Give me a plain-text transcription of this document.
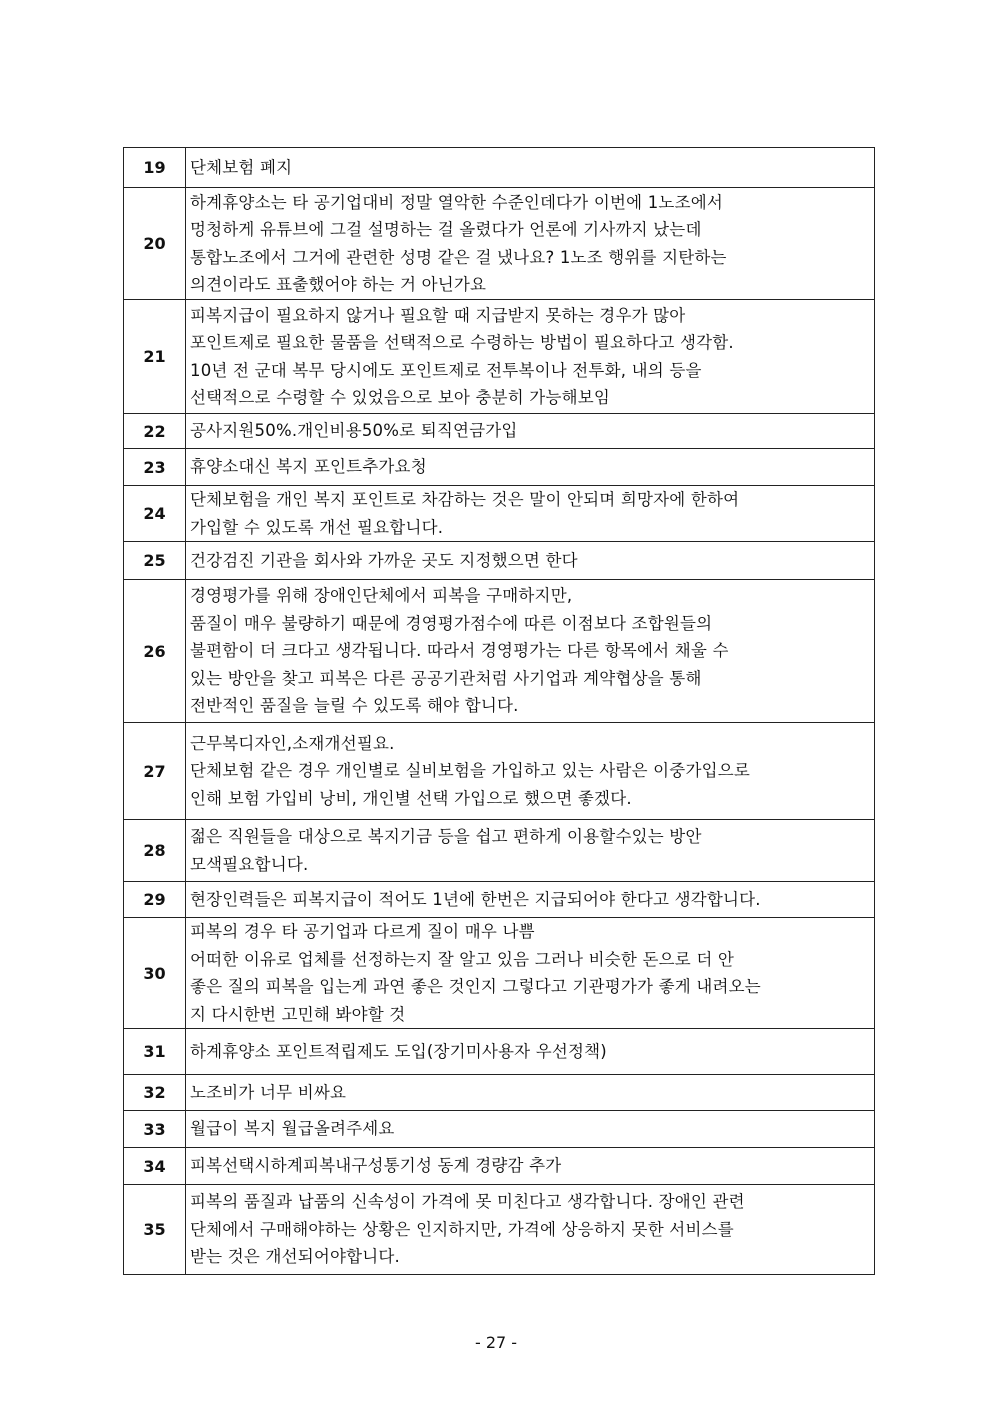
19	단체보험 폐지

20	하계휴양소는 타 공기업대비 정말 열악한 수준인데다가 이번에 1노조에서
멍청하게 유튜브에 그걸 설명하는 걸 올렸다가 언론에 기사까지 났는데
통합노조에서 그거에 관련한 성명 같은 걸 냈나요? 1노조 행위를 지탄하는
의견이라도 표출했어야 하는 거 아닌가요

21	피복지급이 필요하지 않거나 필요할 때 지급받지 못하는 경우가 많아
포인트제로 필요한 물품을 선택적으로 수령하는 방법이 필요하다고 생각함.
10년 전 군대 복무 당시에도 포인트제로 전투복이나 전투화, 내의 등을
선택적으로 수령할 수 있었음으로 보아 충분히 가능해보임

22	공사지원50%.개인비용50%로 퇴직연금가입

23	휴양소대신 복지 포인트추가요청

24	단체보험을 개인 복지 포인트로 차감하는 것은 말이 안되며 희망자에 한하여
가입할 수 있도록 개선 필요합니다.

25	건강검진 기관을 회사와 가까운 곳도 지정했으면 한다

26	경영평가를 위해 장애인단체에서 피복을 구매하지만,
품질이 매우 불량하기 때문에 경영평가점수에 따른 이점보다 조합원들의
불편함이 더 크다고 생각됩니다. 따라서 경영평가는 다른 항목에서 채울 수
있는 방안을 찾고 피복은 다른 공공기관처럼 사기업과 계약협상을 통해
전반적인 품질을 늘릴 수 있도록 해야 합니다.

27	근무복디자인,소재개선필요.
단체보험 같은 경우 개인별로 실비보험을 가입하고 있는 사람은 이중가입으로
인해 보험 가입비 낭비, 개인별 선택 가입으로 했으면 좋겠다.

28	젊은 직원들을 대상으로 복지기금 등을 쉽고 편하게 이용할수있는 방안
모색필요합니다.

29	현장인력들은 피복지급이 적어도 1년에 한번은 지급되어야 한다고 생각합니다.

30	피복의 경우 타 공기업과 다르게 질이 매우 나쁨
어떠한 이유로 업체를 선정하는지 잘 알고 있음 그러나 비슷한 돈으로 더 안
좋은 질의 피복을 입는게 과연 좋은 것인지 그렇다고 기관평가가 좋게 내려오는
지 다시한번 고민해 봐야할 것

31	하계휴양소 포인트적립제도 도입(장기미사용자 우선정책)

32	노조비가 너무 비싸요

33	월급이 복지 월급올려주세요

34	피복선택시하계피복내구성통기성 동계 경량감 추가

35	피복의 품질과 납품의 신속성이 가격에 못 미친다고 생각합니다. 장애인 관련
단체에서 구매해야하는 상황은 인지하지만, 가격에 상응하지 못한 서비스를
받는 것은 개선되어야합니다.
- 27 -
